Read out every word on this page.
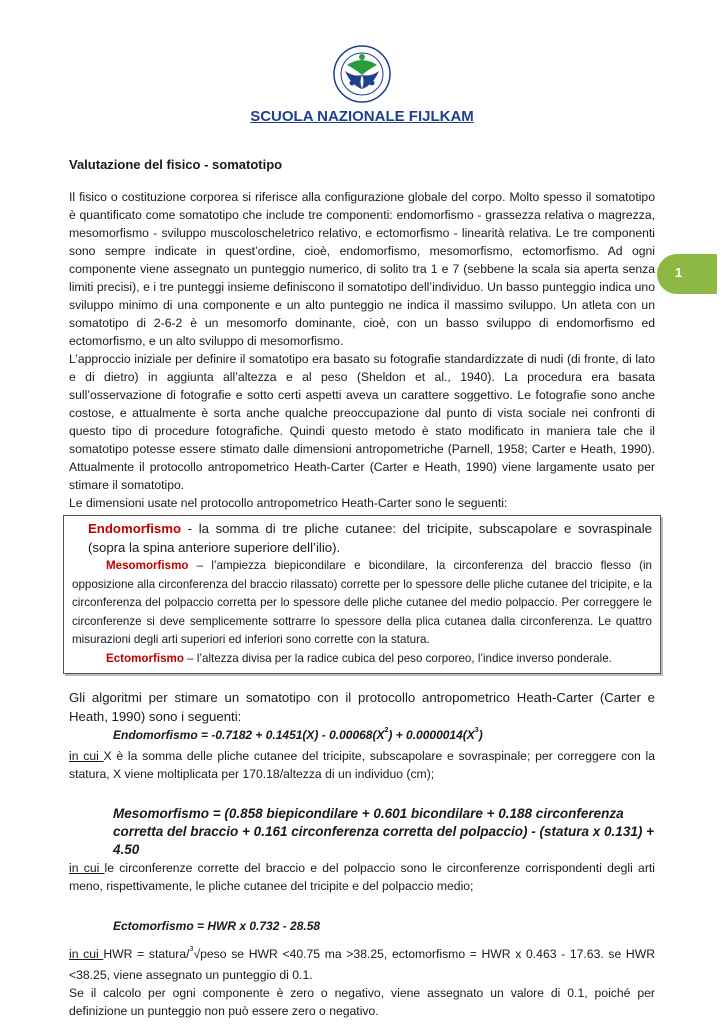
SCUOLA NAZIONALE FIJLKAM
1
Valutazione del fisico - somatotipo

Il fisico o costituzione corporea si riferisce alla configurazione globale del corpo. Molto spesso il somatotipo è quantificato come somatotipo che include tre componenti: endomorfismo - grassezza relativa o magrezza, mesomorfismo - sviluppo muscoloscheletrico relativo, e ectomorfismo - linearità relativa. Le tre componenti sono sempre indicate in quest’ordine, cioè, endomorfismo, mesomorfismo, ectomorfismo. Ad ogni componente viene assegnato un punteggio numerico, di solito tra 1 e 7 (sebbene la scala sia aperta senza limiti precisi), e i tre punteggi insieme definiscono il somatotipo dell’individuo. Un basso punteggio indica uno sviluppo minimo di una componente e un alto punteggio ne indica il massimo sviluppo. Un atleta con un somatotipo di 2-6-2 è un mesomorfo dominante, cioè, con un basso sviluppo di endomorfismo ed ectomorfismo, e un alto sviluppo di mesomorfismo.

L’approccio iniziale per definire il somatotipo era basato su fotografie standardizzate di nudi (di fronte, di lato e di dietro) in aggiunta all’altezza e al peso (Sheldon et al., 1940). La procedura era basata sull’osservazione di fotografie e sotto certi aspetti aveva un carattere soggettivo. Le fotografie sono anche costose, e attualmente è sorta anche qualche preoccupazione dal punto di vista sociale nei confronti di questo tipo di procedure fotografiche. Quindi questo metodo è stato modificato in maniera tale che il somatotipo potesse essere stimato dalle dimensioni antropometriche (Parnell, 1958; Carter e Heath, 1990). Attualmente il protocollo antropometrico Heath-Carter (Carter e Heath, 1990) viene largamente usato per stimare il somatotipo.

Le dimensioni usate nel protocollo antropometrico Heath-Carter sono le seguenti:

Endomorfismo - la somma di tre pliche cutanee: del tricipite, subscapolare e sovraspinale (sopra la spina anteriore superiore dell’ilio).
Mesomorfismo – l’ampiezza biepicondilare e bicondilare, la circonferenza del braccio flesso (in opposizione alla circonferenza del braccio rilassato) corrette per lo spessore delle pliche cutanee del tricipite, e la circonferenza del polpaccio corretta per lo spessore delle pliche cutanee del medio polpaccio. Per correggere le circonferenze si deve semplicemente sottrarre lo spessore della plica cutanea dalla circonferenza. Le quattro misurazioni degli arti superiori ed inferiori sono corrette con la statura.
Ectomorfismo – l’altezza divisa per la radice cubica del peso corporeo, l’indice inverso ponderale.

Gli algoritmi per stimare un somatotipo con il protocollo antropometrico Heath-Carter (Carter e Heath, 1990) sono i seguenti:

Endomorfismo = $-0.7182 + 0.1451(X) - 0.00068(X^2) + 0.0000014(X^3)$

in cui X è la somma delle pliche cutanee del tricipite, subscapolare e sovraspinale; per correggere con la statura, X viene moltiplicata per 170.18/altezza di un individuo (cm);

Mesomorfismo = (0.858 biepicondilare + 0.601 bicondilare + 0.188 circonferenza corretta del braccio + 0.161 circonferenza corretta del polpaccio) - (statura x 0.131) + 4.50

in cui le circonferenze corrette del braccio e del polpaccio sono le circonferenze corrispondenti degli arti meno, rispettivamente, le pliche cutanee del tricipite e del polpaccio medio;

Ectomorfismo = HWR x 0.732 - 28.58

in cui HWR = statura/$^3$√peso se HWR <40.75 ma >38.25, ectomorfismo = HWR x 0.463 - 17.63. se HWR <38.25, viene assegnato un punteggio di 0.1.

Se il calcolo per ogni componente è zero o negativo, viene assegnato un valore di 0.1, poiché per definizione un punteggio non può essere zero o negativo.
